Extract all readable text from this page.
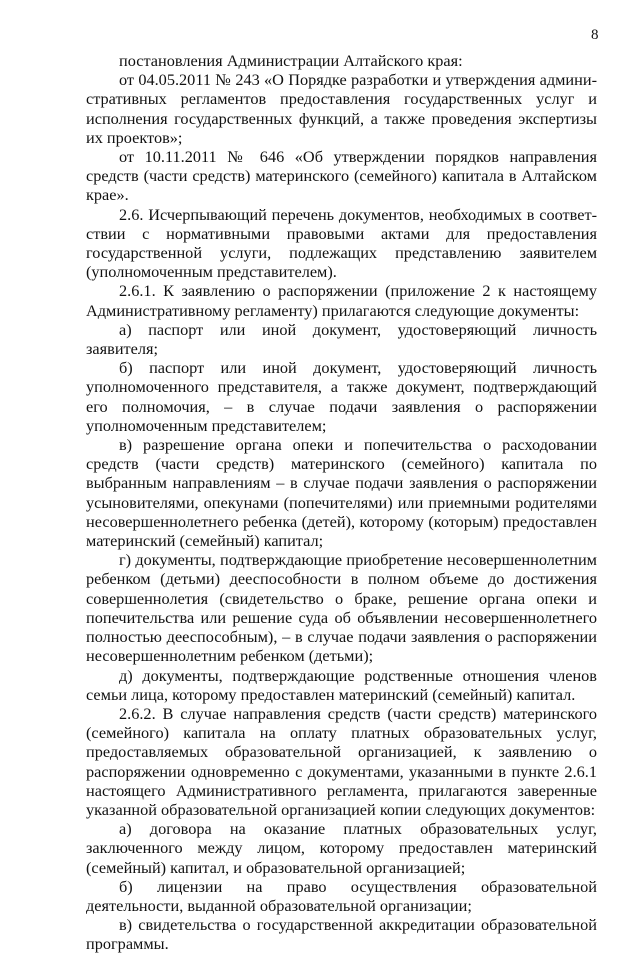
8

постановления Администрации Алтайского края:

от 04.05.2011 № 243 «О Порядке разработки и утверждения административных регламентов предоставления государственных услуг и исполнения государственных функций, а также проведения экспертизы их проектов»;

от 10.11.2011 № 646 «Об утверждении порядков направления средств (части средств) материнского (семейного) капитала в Алтайском крае».

2.6. Исчерпывающий перечень документов, необходимых в соответствии с нормативными правовыми актами для предоставления государственной услуги, подлежащих представлению заявителем (уполномоченным представителем).

2.6.1. К заявлению о распоряжении (приложение 2 к настоящему Административному регламенту) прилагаются следующие документы:

а) паспорт или иной документ, удостоверяющий личность заявителя;

б) паспорт или иной документ, удостоверяющий личность уполномоченного представителя, а также документ, подтверждающий его полномочия, – в случае подачи заявления о распоряжении уполномоченным представителем;

в) разрешение органа опеки и попечительства о расходовании средств (части средств) материнского (семейного) капитала по выбранным направлениям – в случае подачи заявления о распоряжении усыновителями, опекунами (попечителями) или приемными родителями несовершеннолетнего ребенка (детей), которому (которым) предоставлен материнский (семейный) капитал;

г) документы, подтверждающие приобретение несовершеннолетним ребенком (детьми) дееспособности в полном объеме до достижения совершеннолетия (свидетельство о браке, решение органа опеки и попечительства или решение суда об объявлении несовершеннолетнего полностью дееспособным), – в случае подачи заявления о распоряжении несовершеннолетним ребенком (детьми);

д) документы, подтверждающие родственные отношения членов семьи лица, которому предоставлен материнский (семейный) капитал.

2.6.2. В случае направления средств (части средств) материнского (семейного) капитала на оплату платных образовательных услуг, предоставляемых образовательной организацией, к заявлению о распоряжении одновременно с документами, указанными в пункте 2.6.1 настоящего Административного регламента, прилагаются заверенные указанной образовательной организацией копии следующих документов:

а) договора на оказание платных образовательных услуг, заключенного между лицом, которому предоставлен материнский (семейный) капитал, и образовательной организацией;

б) лицензии на право осуществления образовательной деятельности, выданной образовательной организации;

в) свидетельства о государственной аккредитации образовательной программы.
